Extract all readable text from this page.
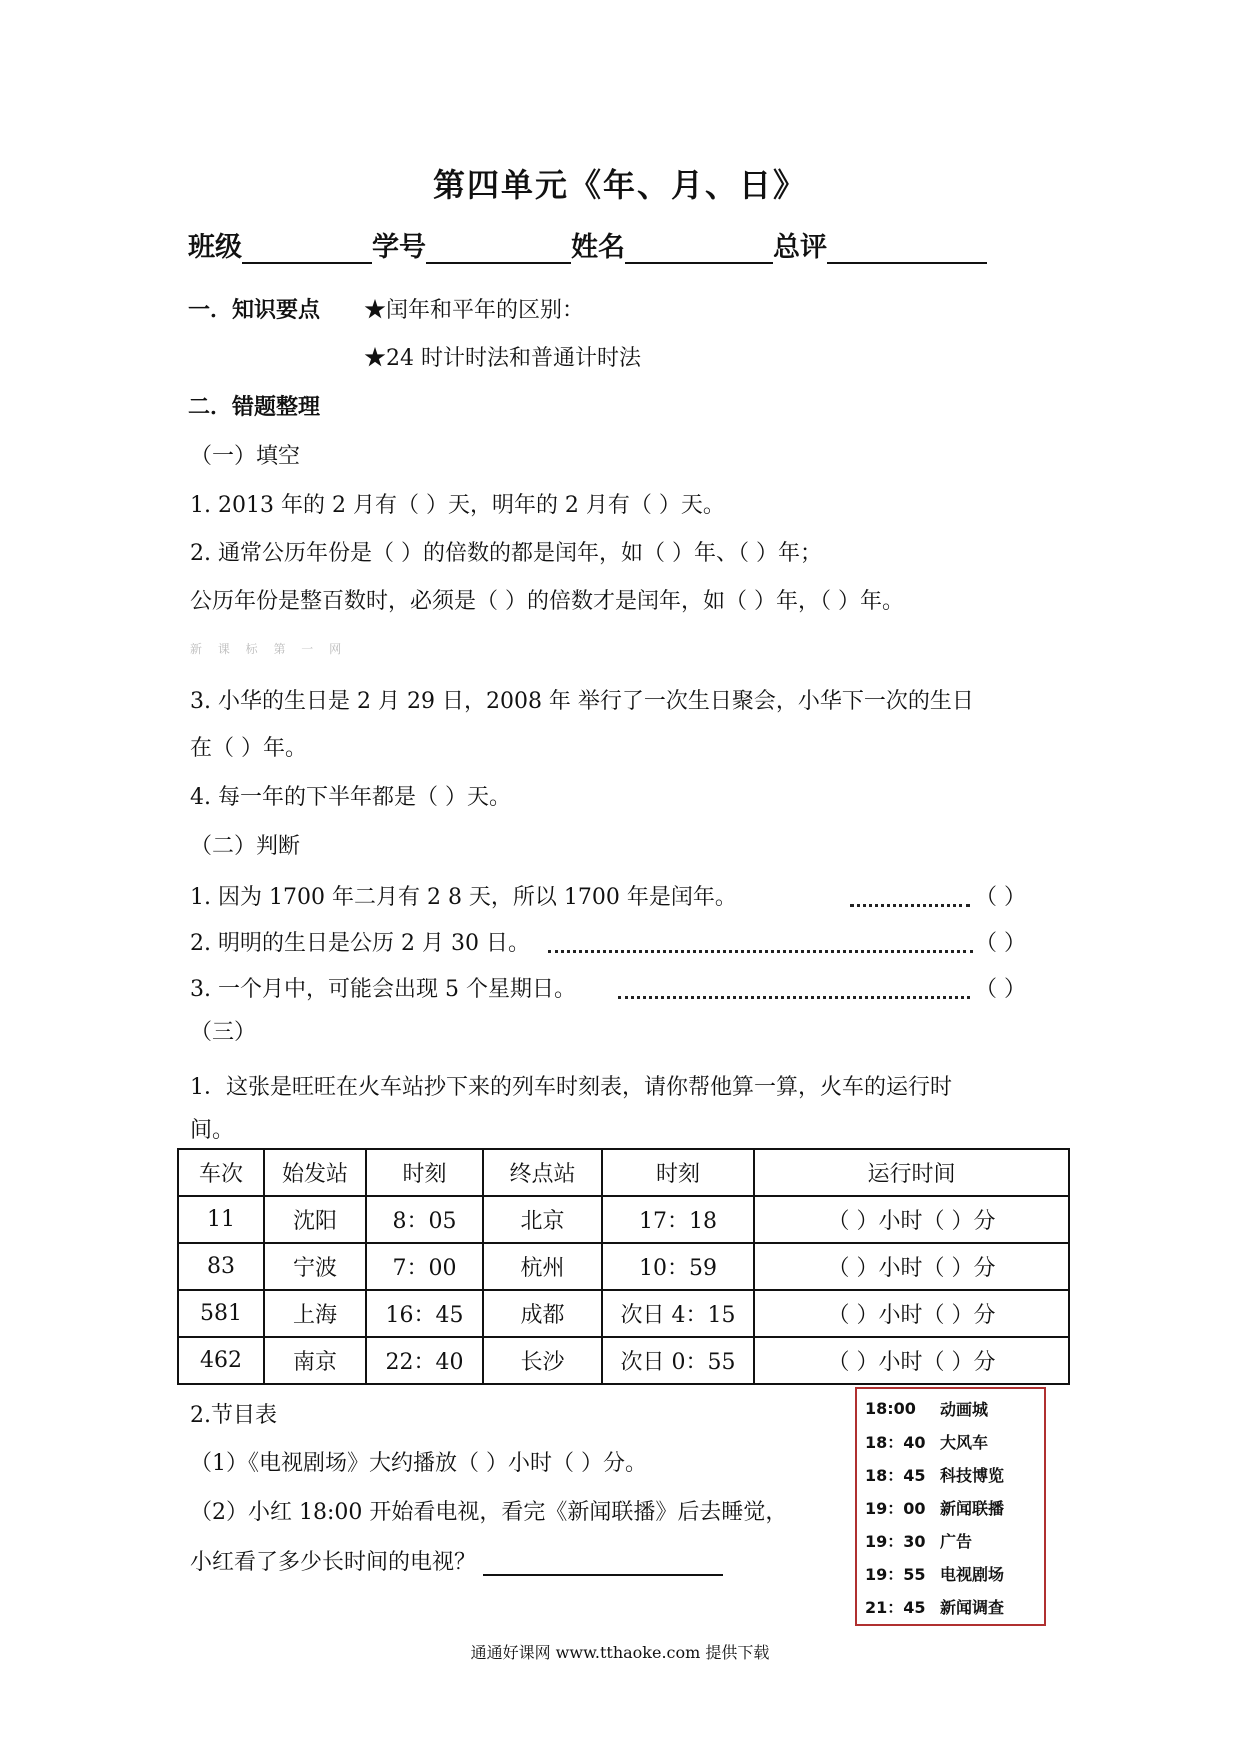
第四单元《年、月、日》
班级	学号	姓名	总评
一．知识要点 ★闰年和平年的区别：
★24 时计时法和普通计时法
二．错题整理
（一）填空
1. 2013 年的 2 月有（ ）天，明年的 2 月有（ ）天。
2. 通常公历年份是（ ）的倍数的都是闰年，如（ ）年、（ ）年；
公历年份是整百数时，必须是（ ）的倍数才是闰年，如（ ）年，（ ）年。
新 课 标 第 一 网
3. 小华的生日是 2 月 29 日，2008 年 举行了一次生日聚会，小华下一次的生日
在（ ）年。
4. 每一年的下半年都是（ ）天。
（二）判断
1. 因为 1700 年二月有 2 8 天，所以 1700 年是闰年。	（ ）
2. 明明的生日是公历 2 月 30 日。	（ ）
3. 一个月中，可能会出现 5 个星期日。	（ ）
（三）
1．这张是旺旺在火车站抄下来的列车时刻表，请你帮他算一算，火车的运行时
间。
车次	始发站	时刻	终点站	时刻	运行时间
11	沈阳	8：05	北京	17：18	（ ）小时（ ）分
83	宁波	7：00	杭州	10：59	（ ）小时（ ）分
581	上海	16：45	成都	次日 4：15	（ ）小时（ ）分
462	南京	22：40	长沙	次日 0：55	（ ）小时（ ）分
2.节目表
（1）《电视剧场》大约播放（ ）小时（ ）分。
（2）小红 18:00 开始看电视，看完《新闻联播》后去睡觉，
小红看了多少长时间的电视？
18:00	动画城
18：40 大风车
18：45 科技博览
19：00 新闻联播
19：30 广告
19：55 电视剧场
21：45 新闻调查
通通好课网 www.tthaoke.com 提供下载
